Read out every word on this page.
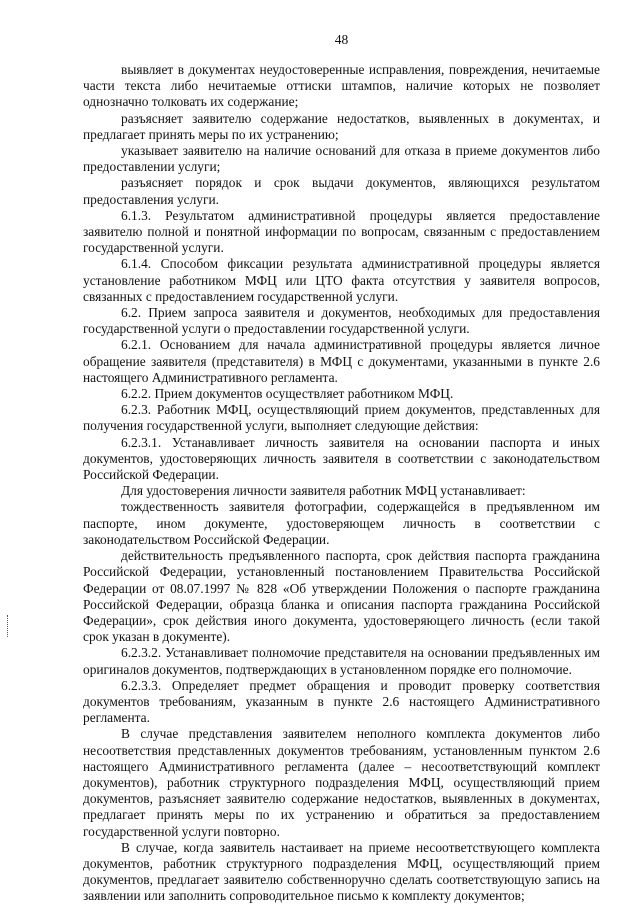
48

выявляет в документах неудостоверенные исправления, повреждения, нечитаемые части текста либо нечитаемые оттиски штампов, наличие которых не позволяет однозначно толковать их содержание;

разъясняет заявителю содержание недостатков, выявленных в документах, и предлагает принять меры по их устранению;

указывает заявителю на наличие оснований для отказа в приеме документов либо предоставлении услуги;

разъясняет порядок и срок выдачи документов, являющихся результатом предоставления услуги.

6.1.3. Результатом административной процедуры является предоставление заявителю полной и понятной информации по вопросам, связанным с предоставлением государственной услуги.

6.1.4. Способом фиксации результата административной процедуры является установление работником МФЦ или ЦТО факта отсутствия у заявителя вопросов, связанных с предоставлением государственной услуги.

6.2. Прием запроса заявителя и документов, необходимых для предоставления государственной услуги о предоставлении государственной услуги.

6.2.1. Основанием для начала административной процедуры является личное обращение заявителя (представителя) в МФЦ с документами, указанными в пункте 2.6 настоящего Административного регламента.

6.2.2. Прием документов осуществляет работником МФЦ.

6.2.3. Работник МФЦ, осуществляющий прием документов, представленных для получения государственной услуги, выполняет следующие действия:

6.2.3.1. Устанавливает личность заявителя на основании паспорта и иных документов, удостоверяющих личность заявителя в соответствии с законодательством Российской Федерации.

Для удостоверения личности заявителя работник МФЦ устанавливает:

тождественность заявителя фотографии, содержащейся в предъявленном им паспорте, ином документе, удостоверяющем личность в соответствии с законодательством Российской Федерации.

действительность предъявленного паспорта, срок действия паспорта гражданина Российской Федерации, установленный постановлением Правительства Российской Федерации от 08.07.1997 № 828 «Об утверждении Положения о паспорте гражданина Российской Федерации, образца бланка и описания паспорта гражданина Российской Федерации», срок действия иного документа, удостоверяющего личность (если такой срок указан в документе).

6.2.3.2. Устанавливает полномочие представителя на основании предъявленных им оригиналов документов, подтверждающих в установленном порядке его полномочие.

6.2.3.3. Определяет предмет обращения и проводит проверку соответствия документов требованиям, указанным в пункте 2.6 настоящего Административного регламента.

В случае представления заявителем неполного комплекта документов либо несоответствия представленных документов требованиям, установленным пунктом 2.6 настоящего Административного регламента (далее – несоответствующий комплект документов), работник структурного подразделения МФЦ, осуществляющий прием документов, разъясняет заявителю содержание недостатков, выявленных в документах, предлагает принять меры по их устранению и обратиться за предоставлением государственной услуги повторно.

В случае, когда заявитель настаивает на приеме несоответствующего комплекта документов, работник структурного подразделения МФЦ, осуществляющий прием документов, предлагает заявителю собственноручно сделать соответствующую запись на заявлении или заполнить сопроводительное письмо к комплекту документов;
